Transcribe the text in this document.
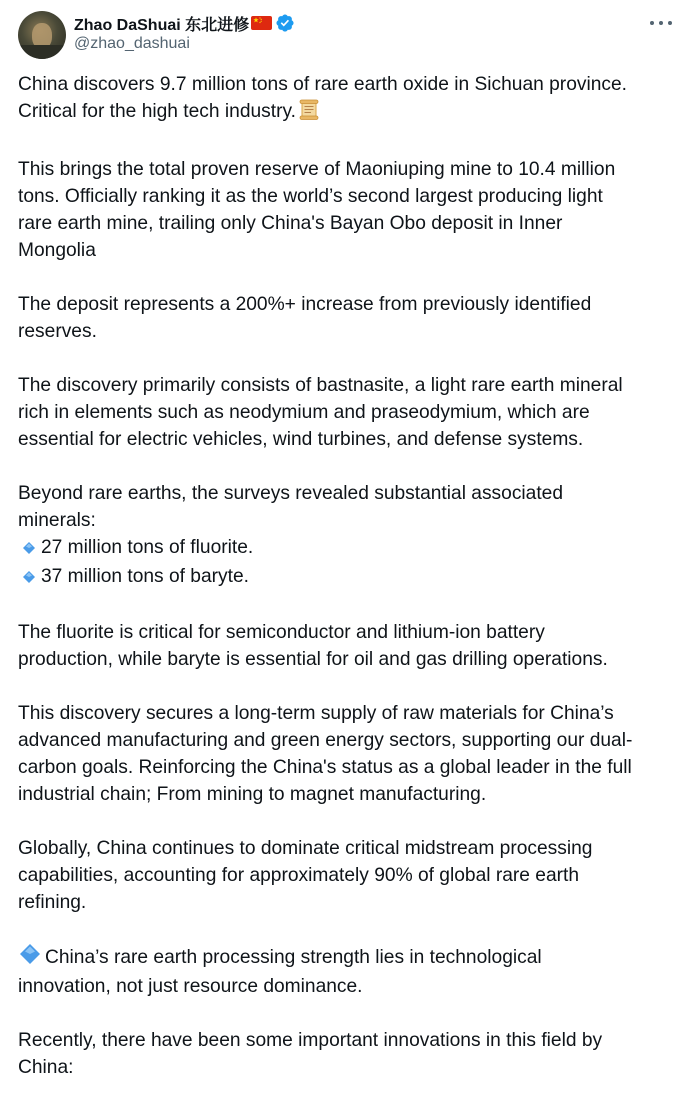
Zhao DaShuai 东北进修
@zhao_dashuai
China discovers 9.7 million tons of rare earth oxide in Sichuan province.
Critical for the high tech industry.
This brings the total proven reserve of Maoniuping mine to 10.4 million
tons. Officially ranking it as the world’s second largest producing light
rare earth mine, trailing only China's Bayan Obo deposit in Inner
Mongolia
The deposit represents a 200%+ increase from previously identified
reserves.
The discovery primarily consists of bastnasite, a light rare earth mineral
rich in elements such as neodymium and praseodymium, which are
essential for electric vehicles, wind turbines, and defense systems.
Beyond rare earths, the surveys revealed substantial associated
minerals:
27 million tons of fluorite.
37 million tons of baryte.
The fluorite is critical for semiconductor and lithium-ion battery
production, while baryte is essential for oil and gas drilling operations.
This discovery secures a long-term supply of raw materials for China’s
advanced manufacturing and green energy sectors, supporting our dual-
carbon goals. Reinforcing the China's status as a global leader in the full
industrial chain; From mining to magnet manufacturing.
Globally, China continues to dominate critical midstream processing
capabilities, accounting for approximately 90% of global rare earth
refining.
China’s rare earth processing strength lies in technological
innovation, not just resource dominance.
Recently, there have been some important innovations in this field by
China:
